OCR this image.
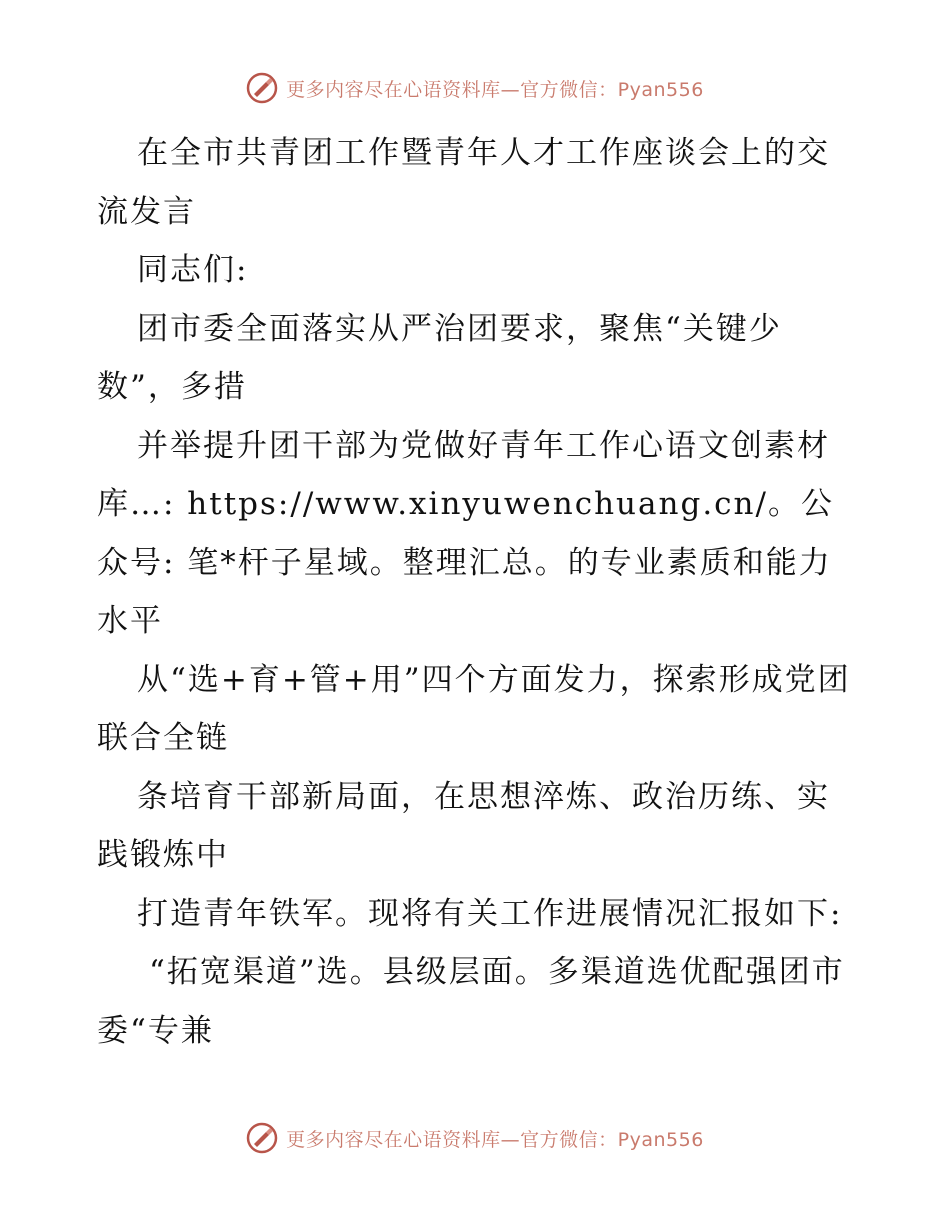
更多内容尽在心语资料库—官方微信：Pyan556

在全市共青团工作暨青年人才工作座谈会上的交流发言

同志们:

团市委全面落实从严治团要求，聚焦“关键少数”，多措

并举提升团干部为党做好青年工作心语文创素材库…: https://www.xinyuwenchuang.cn/。公众号: 笔*杆子星域。整理汇总。的专业素质和能力水平

从“选+育+管+用”四个方面发力，探索形成党团联合全链

条培育干部新局面，在思想淬炼、政治历练、实践锻炼中

打造青年铁军。现将有关工作进展情况汇报如下:

“拓宽渠道”选。县级层面。多渠道选优配强团市委“专兼

更多内容尽在心语资料库—官方微信：Pyan556
